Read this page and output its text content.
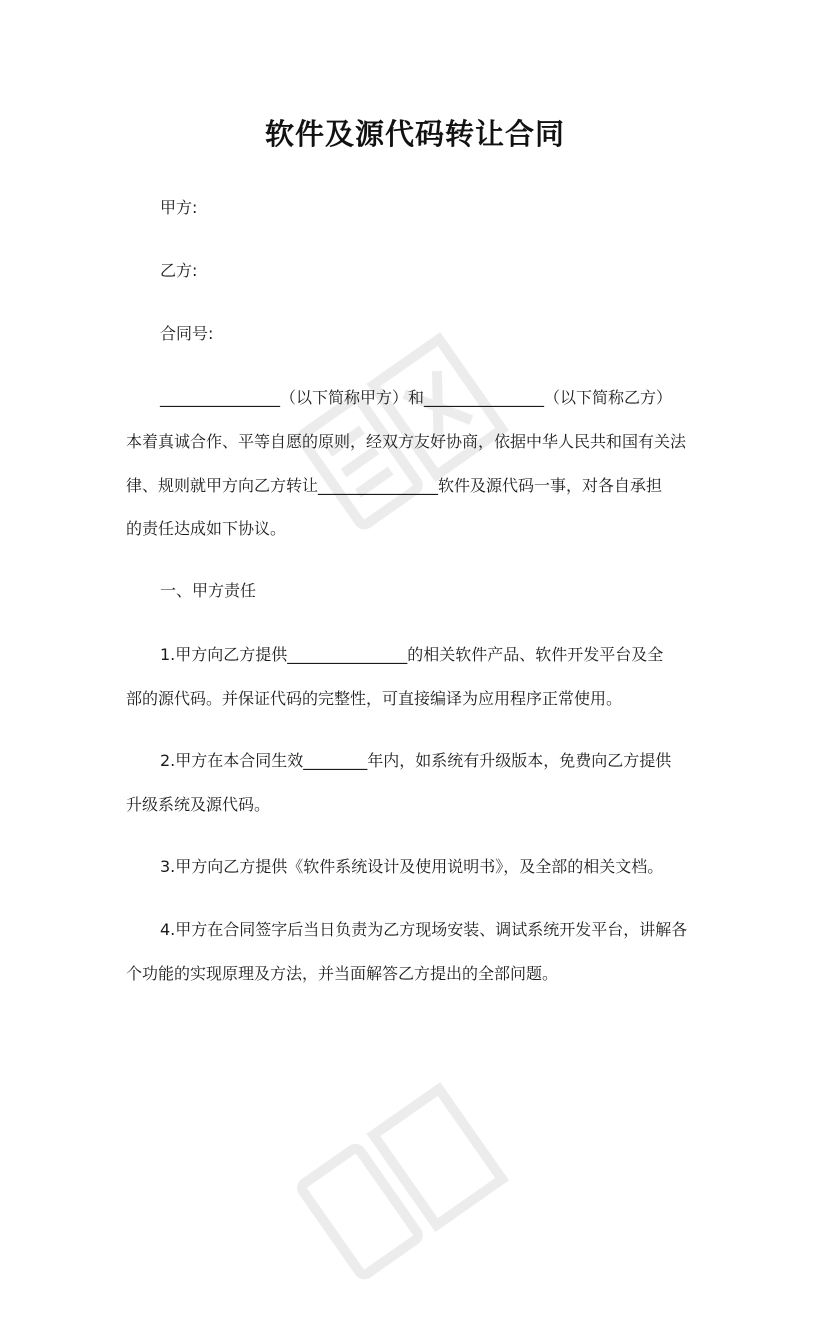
软件及源代码转让合同

甲方:

乙方:

合同号:

_______________（以下简称甲方）和_______________（以下简称乙方）

本着真诚合作、平等自愿的原则，经双方友好协商，依据中华人民共和国有关法

律、规则就甲方向乙方转让_______________软件及源代码一事，对各自承担

的责任达成如下协议。

一、甲方责任

1.甲方向乙方提供_______________的相关软件产品、软件开发平台及全

部的源代码。并保证代码的完整性，可直接编译为应用程序正常使用。

2.甲方在本合同生效________年内，如系统有升级版本，免费向乙方提供

升级系统及源代码。

3.甲方向乙方提供《软件系统设计及使用说明书》，及全部的相关文档。

4.甲方在合同签字后当日负责为乙方现场安装、调试系统开发平台，讲解各

个功能的实现原理及方法，并当面解答乙方提出的全部问题。
